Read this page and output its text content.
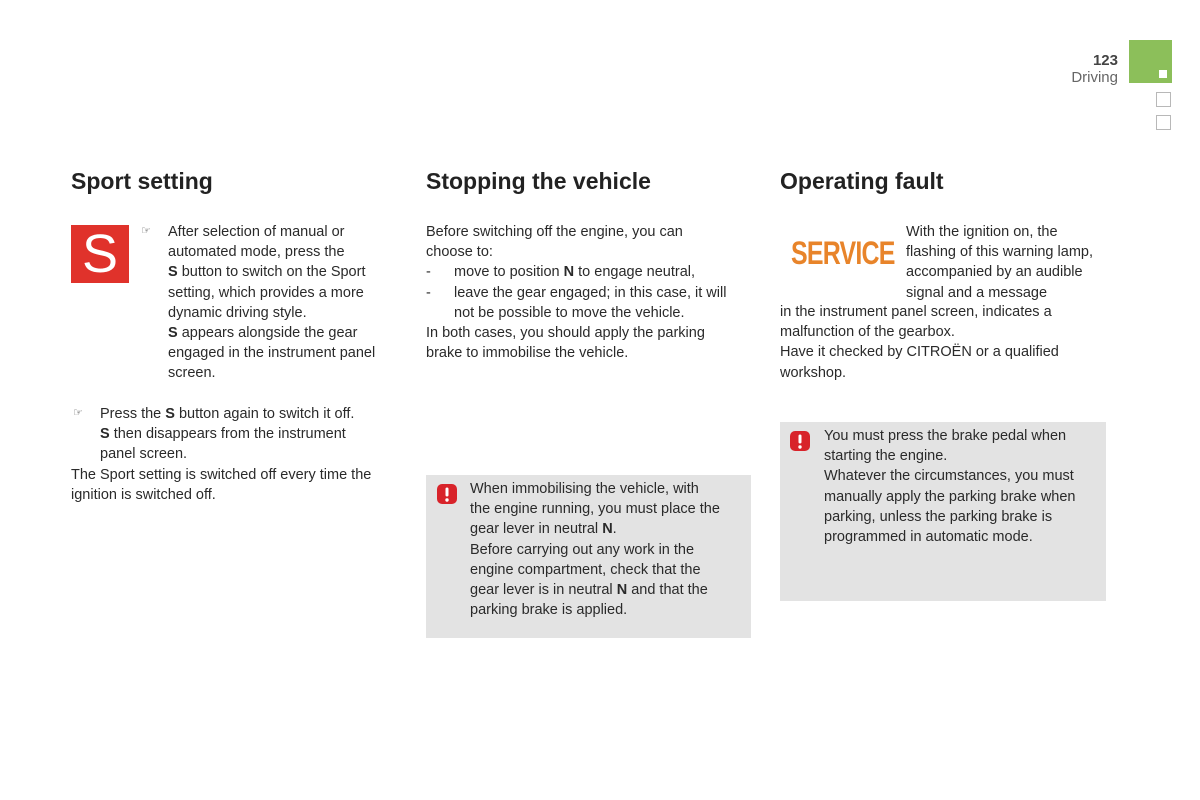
123
Driving
Sport setting
S	☞ After selection of manual or

automated mode, press the

S button to switch on the Sport

setting, which provides a more

dynamic driving style.

S appears alongside the gear

engaged in the instrument panel

screen.

☞ Press the S button again to switch it off.

S then disappears from the instrument

panel screen.

The Sport setting is switched off every time the

ignition is switched off.

Stopping the vehicle

Before switching off the engine, you can

choose to:

- move to position N to engage neutral,

- leave the gear engaged; in this case, it will

not be possible to move the vehicle.

In both cases, you should apply the parking

brake to immobilise the vehicle.

When immobilising the vehicle, with

the engine running, you must place the

gear lever in neutral N.

Before carrying out any work in the

engine compartment, check that the

gear lever is in neutral N and that the

parking brake is applied.

Operating fault
SERVICE

With the ignition on, the

flashing of this warning lamp,

accompanied by an audible

signal and a message

in the instrument panel screen, indicates a

malfunction of the gearbox.

Have it checked by CITROËN or a qualified

workshop.

You must press the brake pedal when

starting the engine.

Whatever the circumstances, you must

manually apply the parking brake when

parking, unless the parking brake is

programmed in automatic mode.
